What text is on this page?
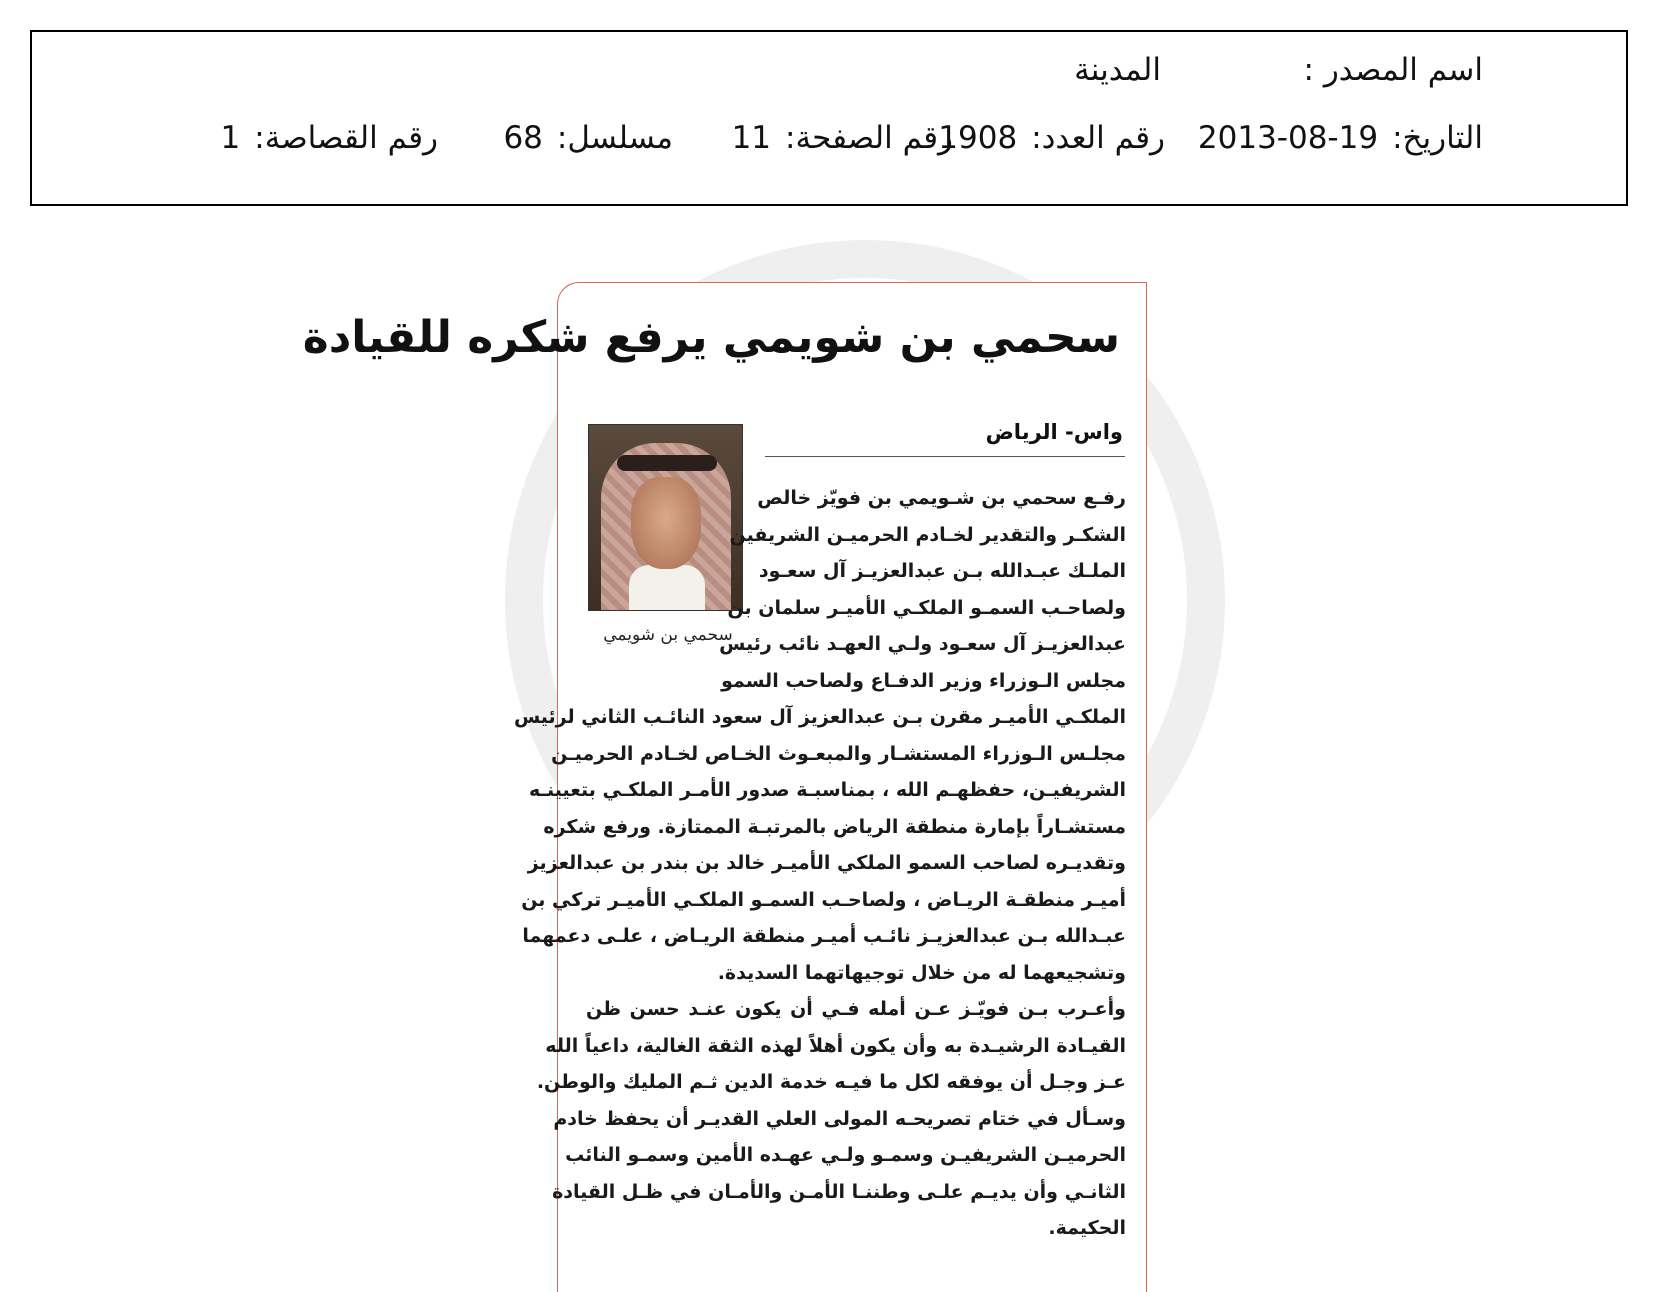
اسم المصدر :
المدينة
التاريخ:
2013-08-19
رقم العدد:
1908
رقم الصفحة:
11
مسلسل:
68
رقم القصاصة:
1
سحمي بن شويمي يرفع شكره للقيادة
واس- الرياض
سحمي بن شويمي
رفـع سحمي بن شـويمي بن فويّز خالص
الشكـر والتقدير لخـادم الحرميـن الشريفين
الملـك عبـدالله بـن عبدالعزيـز آل سعـود
ولصاحـب السمـو الملكـي الأميـر سلمان بن
عبدالعزيـز آل سعـود ولـي العهـد نائب رئيس
مجلس الـوزراء وزير الدفـاع ولصاحب السمو
الملكـي الأميـر مقرن بـن عبدالعزيز آل سعود النائـب الثاني لرئيس
مجلـس الـوزراء المستشـار والمبعـوث الخـاص لخـادم الحرميـن
الشريفيـن، حفظهـم الله ، بمناسبـة صدور الأمـر الملكـي بتعيينـه
مستشـاراً بإمارة منطقة الرياض بالمرتبـة الممتازة. ورفع شكره
وتقديـره لصاحب السمو الملكي الأميـر خالد بن بندر بن عبدالعزيز
أميـر منطقـة الريـاض ، ولصاحـب السمـو الملكـي الأميـر تركي بن
عبـدالله بـن عبدالعزيـز نائـب أميـر منطقة الريـاض ، علـى دعمهما
وتشجيعهما له من خلال توجيهاتهما السديدة.
وأعـرب بـن فويّـز عـن أمله فـي أن يكون عنـد حسن ظن
القيـادة الرشيـدة به وأن يكون أهلاً لهذه الثقة الغالية، داعياً الله
عـز وجـل أن يوفقه لكل ما فيـه خدمة الدين ثـم المليك والوطن.
وسـأل في ختام تصريحـه المولى العلي القديـر أن يحفظ خادم
الحرميـن الشريفيـن وسمـو ولـي عهـده الأمين وسمـو النائب
الثانـي وأن يديـم علـى وطننـا الأمـن والأمـان في ظـل القيادة
الحكيمة.
